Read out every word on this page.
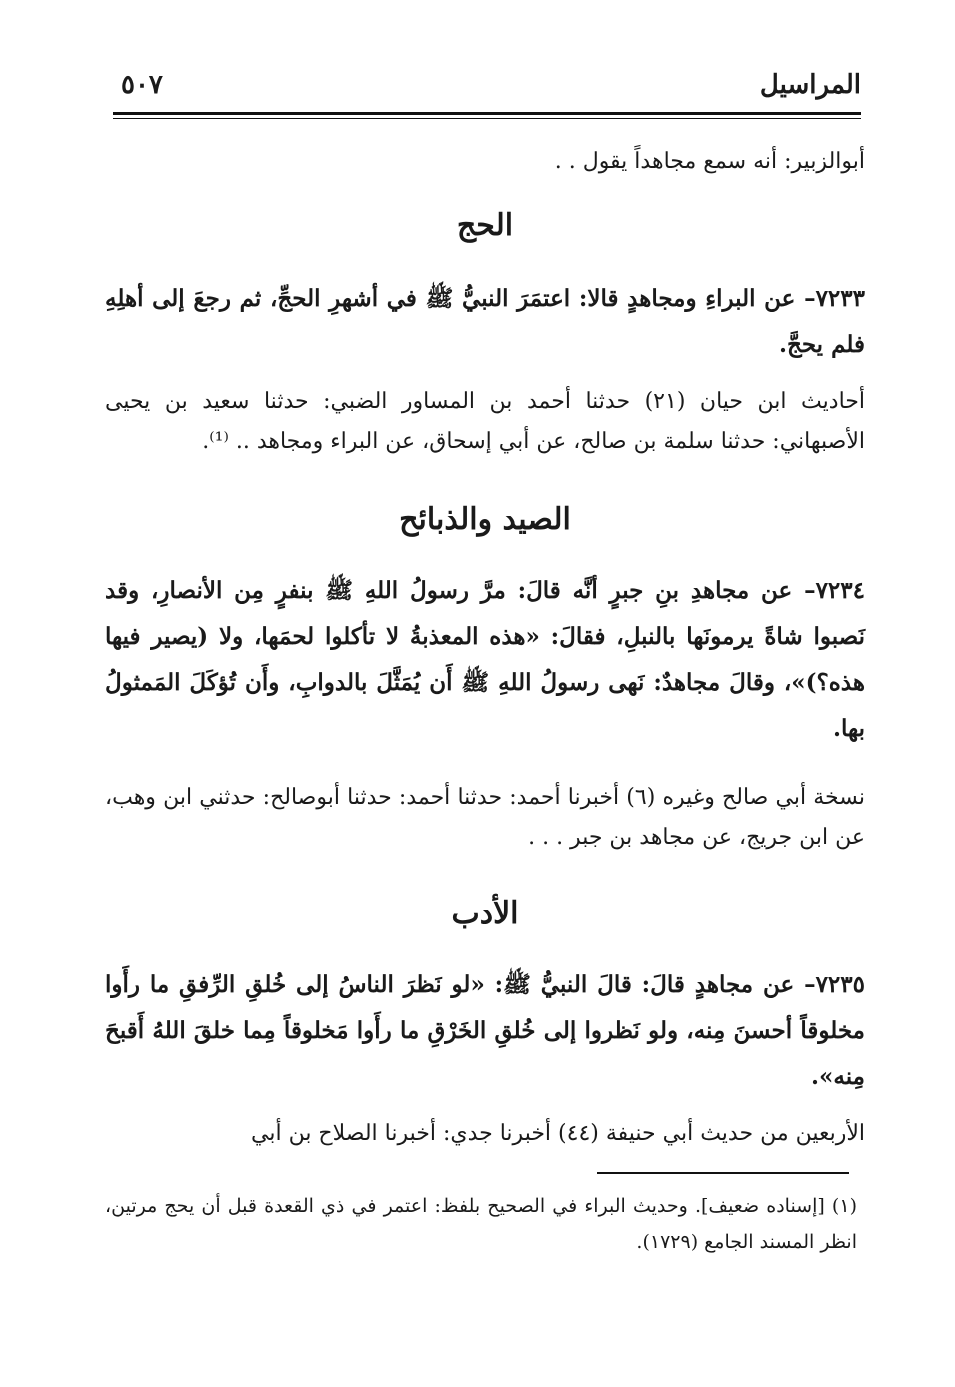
المراسيل
٥٠٧
أبوالزبير: أنه سمع مجاهداً يقول . .
الحج
٧٢٣٣– عن البراءِ ومجاهدٍ قالا: اعتمَرَ النبيُّ ﷺ في أشهرِ الحجِّ، ثم رجعَ إلى أهلِهِ فلم يحجَّ.
أحاديث ابن حيان (٢١) حدثنا أحمد بن المساور الضبي: حدثنا سعيد بن يحيى الأصبهاني: حدثنا سلمة بن صالح، عن أبي إسحاق، عن البراء ومجاهد .. ⁽¹⁾.
الصيد والذبائح
٧٢٣٤– عن مجاهدِ بنِ جبرٍ أنَّه قالَ: مرَّ رسولُ اللهِ ﷺ بنفرٍ مِن الأنصارِ، وقد نَصبوا شاةً يرمونَها بالنبلِ، فقالَ: «هذه المعذبةُ لا تأكلوا لحمَها، ولا (يصير فيها هذه؟)»، وقالَ مجاهدٌ: نَهى رسولُ اللهِ ﷺ أَن يُمَثَّلَ بالدوابِ، وأَن تُؤكَلَ المَمثولُ بها.
نسخة أبي صالح وغيره (٦) أخبرنا أحمد: حدثنا أحمد: حدثنا أبوصالح: حدثني ابن وهب، عن ابن جريج، عن مجاهد بن جبر . . .
الأدب
٧٢٣٥– عن مجاهدٍ قالَ: قالَ النبيُّ ﷺ: «لو نَظرَ الناسُ إلى خُلقِ الرِّفقِ ما رأَوا مخلوقاً أحسنَ مِنه، ولو نَظروا إلى خُلقِ الخَرْقِ ما رأَوا مَخلوقاً مِما خلقَ اللهُ أَقبحَ مِنه».
الأربعين من حديث أبي حنيفة (٤٤) أخبرنا جدي: أخبرنا الصلاح بن أبي
(١) [إسناده ضعيف]. وحديث البراء في الصحيح بلفظ: اعتمر في ذي القعدة قبل أن يحج مرتين، انظر المسند الجامع (١٧٢٩).
